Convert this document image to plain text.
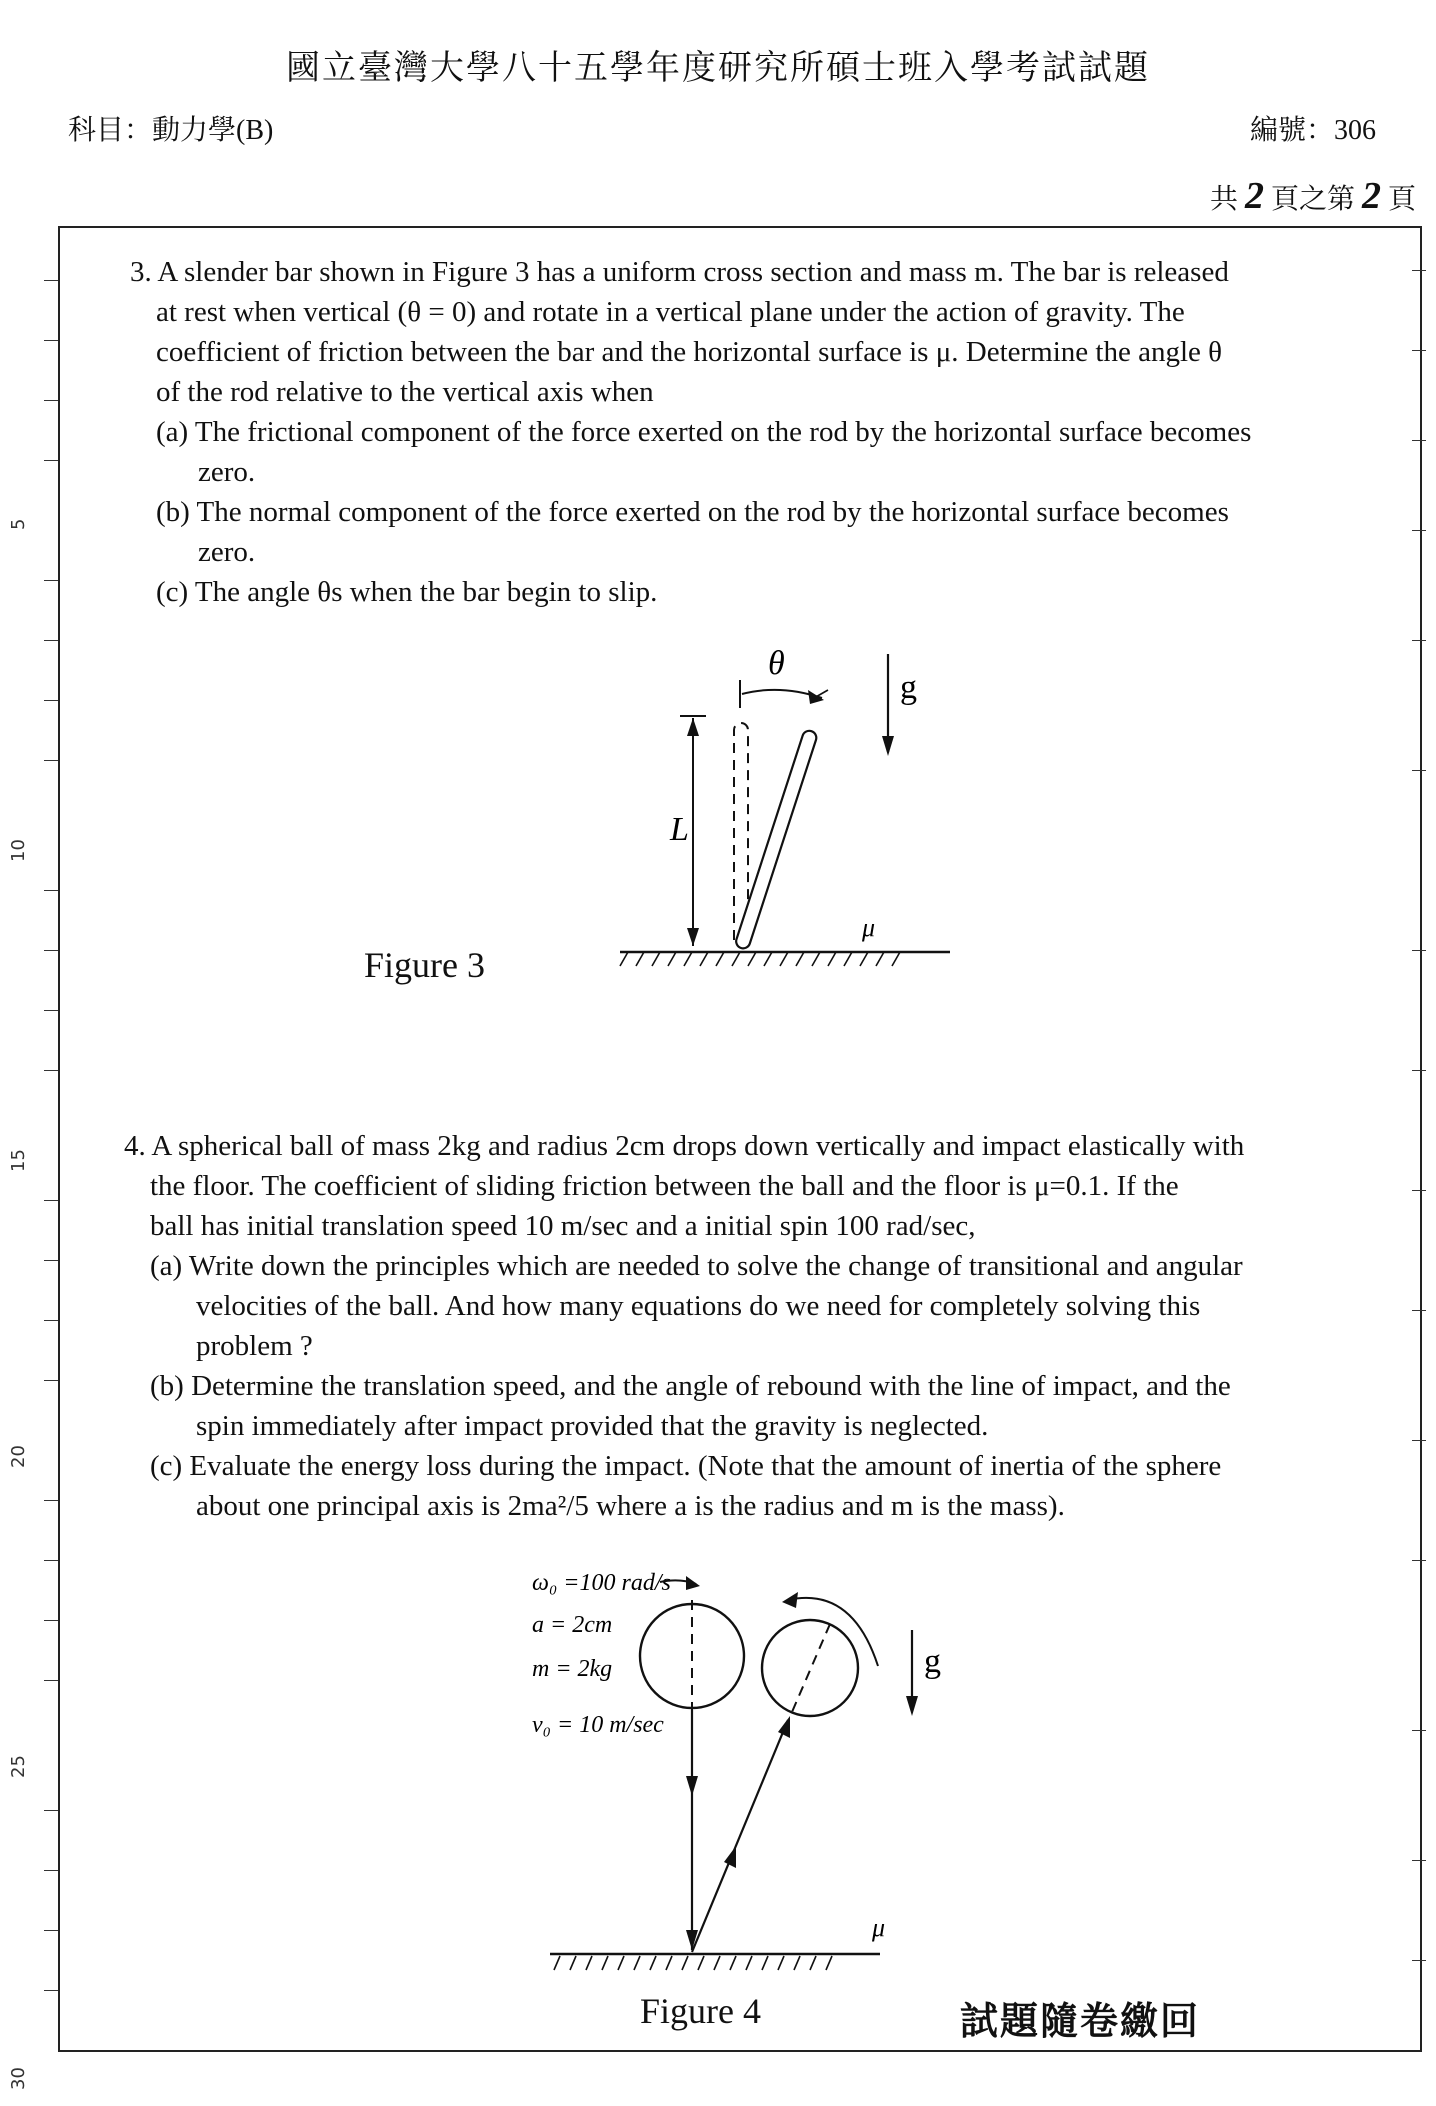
國立臺灣大學八十五學年度研究所碩士班入學考試試題
科目：動力學(B)	編號：306
共 2 頁之第 2 頁
5
10
15
20
25
30

3. A slender bar shown in Figure 3 has a uniform cross section and mass m. The bar is released

at rest when vertical (θ = 0) and rotate in a vertical plane under the action of gravity. The

coefficient of friction between the bar and the horizontal surface is μ. Determine the angle θ

of the rod relative to the vertical axis when

(a) The frictional component of the force exerted on the rod by the horizontal surface becomes

zero.

(b) The normal component of the force exerted on the rod by the horizontal surface becomes

zero.

(c) The angle θs when the bar begin to slip.

L
θ
g
μ
Figure 3

4. A spherical ball of mass 2kg and radius 2cm drops down vertically and impact elastically with

the floor. The coefficient of sliding friction between the ball and the floor is μ=0.1. If the

ball has initial translation speed 10 m/sec and a initial spin 100 rad/sec,

(a) Write down the principles which are needed to solve the change of transitional and angular

velocities of the ball. And how many equations do we need for completely solving this

problem ?

(b) Determine the translation speed, and the angle of rebound with the line of impact, and the

spin immediately after impact provided that the gravity is neglected.

(c) Evaluate the energy loss during the impact. (Note that the amount of inertia of the sphere

about one principal axis is 2ma²/5 where a is the radius and m is the mass).

ω₀ =100 rad/s
a = 2cm
m = 2kg
v₀ = 10 m/sec
g
μ
Figure 4	試題隨卷繳回
